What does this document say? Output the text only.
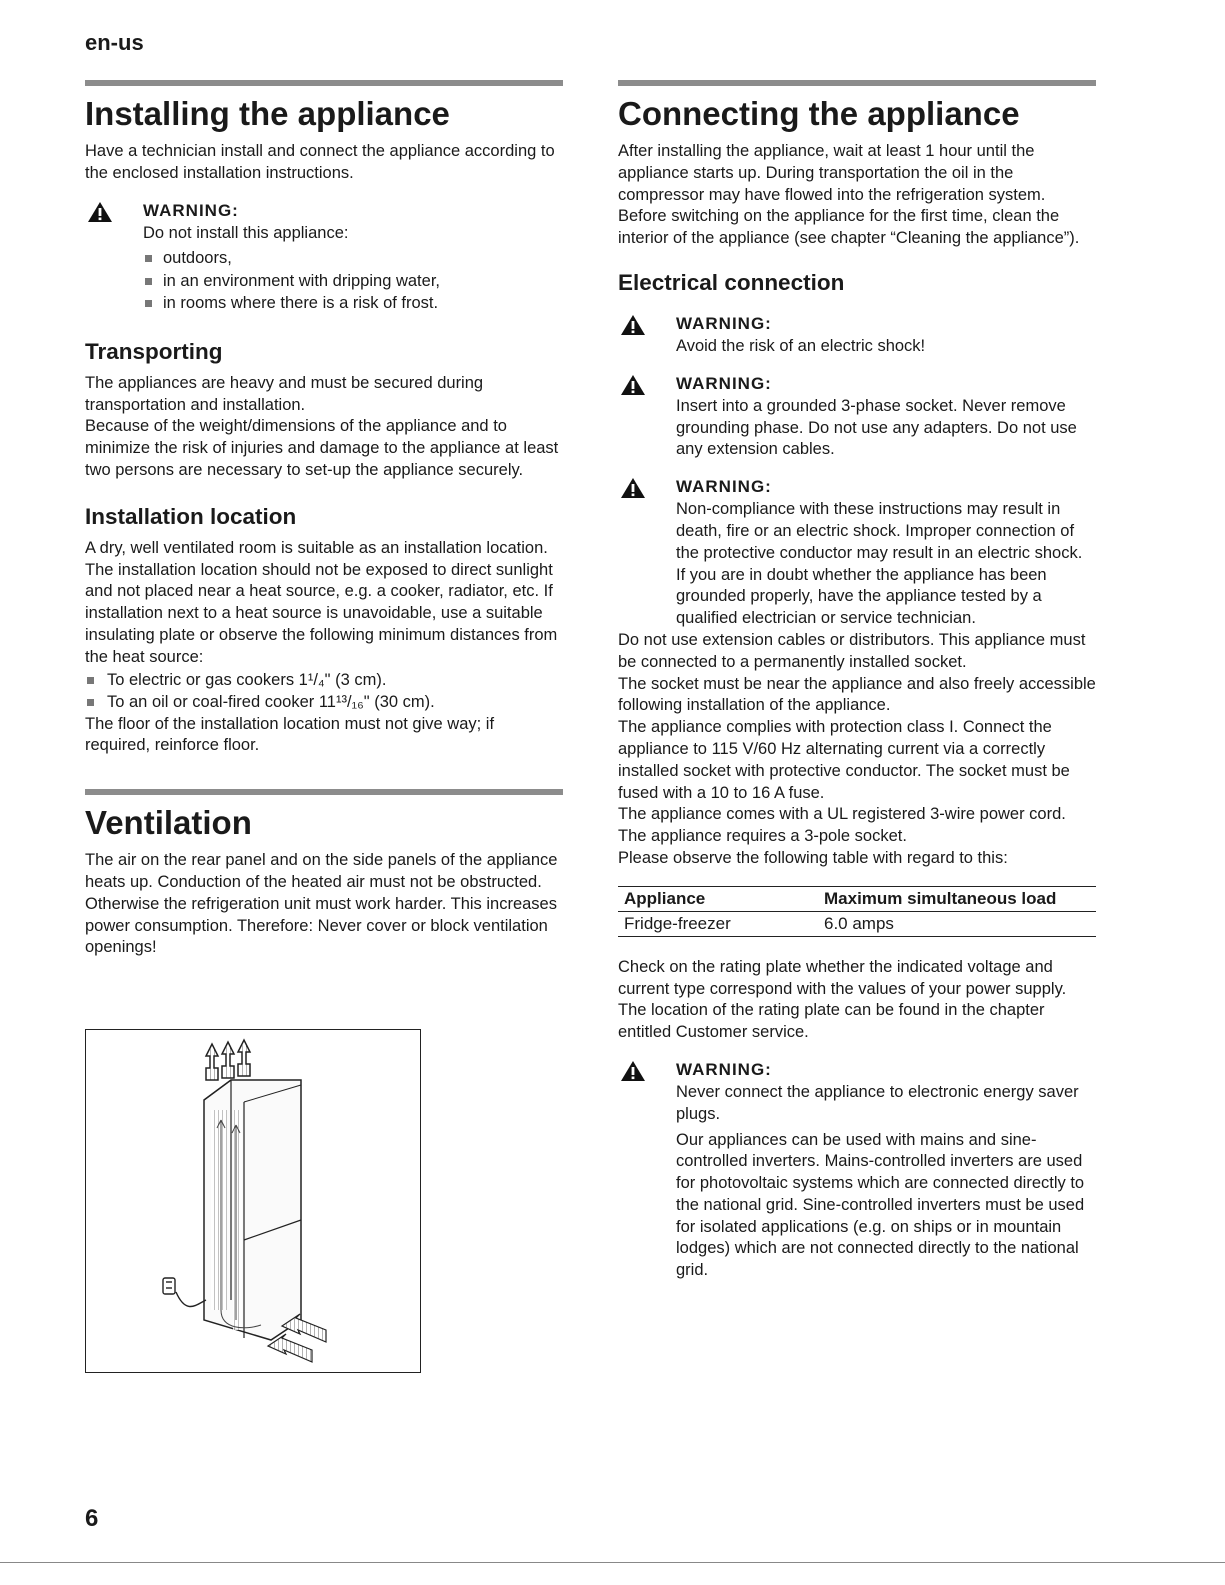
en-us
Installing the appliance

Have a technician install and connect the appliance according to the enclosed installation instructions.

WARNING:

Do not install this appliance:

outdoors,
in an environment with dripping water,
in rooms where there is a risk of frost.
Transporting

The appliances are heavy and must be secured during transportation and installation.

Because of the weight/dimensions of the appliance and to minimize the risk of injuries and damage to the appliance at least two persons are necessary to set-up the appliance securely.

Installation location

A dry, well ventilated room is suitable as an installation location. The installation location should not be exposed to direct sunlight and not placed near a heat source, e.g. a cooker, radiator, etc. If installation next to a heat source is unavoidable, use a suitable insulating plate or observe the following minimum distances from the heat source:

To electric or gas cookers 1¹/₄" (3 cm).
To an oil or coal-fired cooker 11¹³/₁₆" (30 cm).

The floor of the installation location must not give way; if required, reinforce floor.

Ventilation

The air on the rear panel and on the side panels of the appliance heats up. Conduction of the heated air must not be obstructed. Otherwise the refrigeration unit must work harder. This increases power consumption. Therefore: Never cover or block ventilation openings!

Connecting the appliance

After installing the appliance, wait at least 1 hour until the appliance starts up. During transportation the oil in the compressor may have flowed into the refrigeration system.

Before switching on the appliance for the first time, clean the interior of the appliance (see chapter “Cleaning the appliance”).

Electrical connection
WARNING:

Avoid the risk of an electric shock!

WARNING:

Insert into a grounded 3-phase socket. Never remove grounding phase. Do not use any adapters. Do not use any extension cables.

WARNING:

Non-compliance with these instructions may result in death, fire or an electric shock. Improper connection of the protective conductor may result in an electric shock. If you are in doubt whether the appliance has been grounded properly, have the appliance tested by a qualified electrician or service technician.

Do not use extension cables or distributors. This appliance must be connected to a permanently installed socket.

The socket must be near the appliance and also freely accessible following installation of the appliance.

The appliance complies with protection class I. Connect the appliance to 115 V/60 Hz alternating current via a correctly installed socket with protective conductor. The socket must be fused with a 10 to 16 A fuse.

The appliance comes with a UL registered 3-wire power cord. The appliance requires a 3-pole socket.

Please observe the following table with regard to this:

Appliance	Maximum simultaneous load
Fridge-freezer	6.0 amps

Check on the rating plate whether the indicated voltage and current type correspond with the values of your power supply. The location of the rating plate can be found in the chapter entitled Customer service.

WARNING:

Never connect the appliance to electronic energy saver plugs.

Our appliances can be used with mains and sine-controlled inverters. Mains-controlled inverters are used for photovoltaic systems which are connected directly to the national grid. Sine-controlled inverters must be used for isolated applications (e.g. on ships or in mountain lodges) which are not connected directly to the national grid.

6
